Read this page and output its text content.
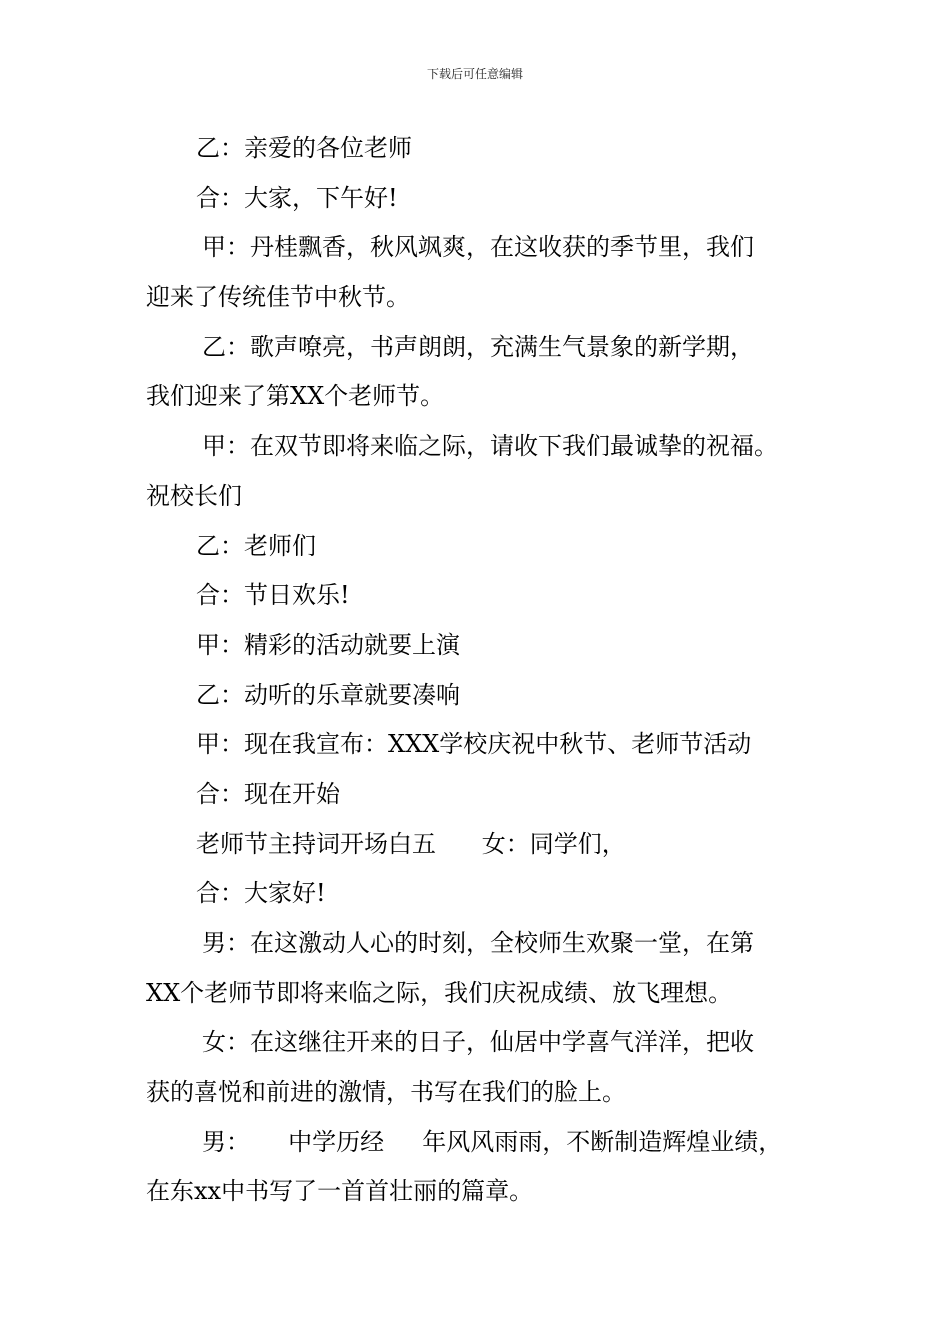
下载后可任意编辑
乙：亲爱的各位老师
合：大家，下午好!
甲：丹桂飘香，秋风飒爽，在这收获的季节里，我们
迎来了传统佳节中秋节。
乙：歌声嘹亮，书声朗朗，充满生气景象的新学期，
我们迎来了第XX个老师节。
甲：在双节即将来临之际，请收下我们最诚挚的祝福。
祝校长们
乙：老师们
合：节日欢乐!
甲：精彩的活动就要上演
乙：动听的乐章就要凑响
甲：现在我宣布：XXX学校庆祝中秋节、老师节活动
合：现在开始
老师节主持词开场白五      女：同学们，
合：大家好!
男：在这激动人心的时刻，全校师生欢聚一堂，在第
XX个老师节即将来临之际，我们庆祝成绩、放飞理想。
女：在这继往开来的日子，仙居中学喜气洋洋，把收
获的喜悦和前进的激情，书写在我们的脸上。
男：     中学历经     年风风雨雨，不断制造辉煌业绩，
在东xx中书写了一首首壮丽的篇章。
